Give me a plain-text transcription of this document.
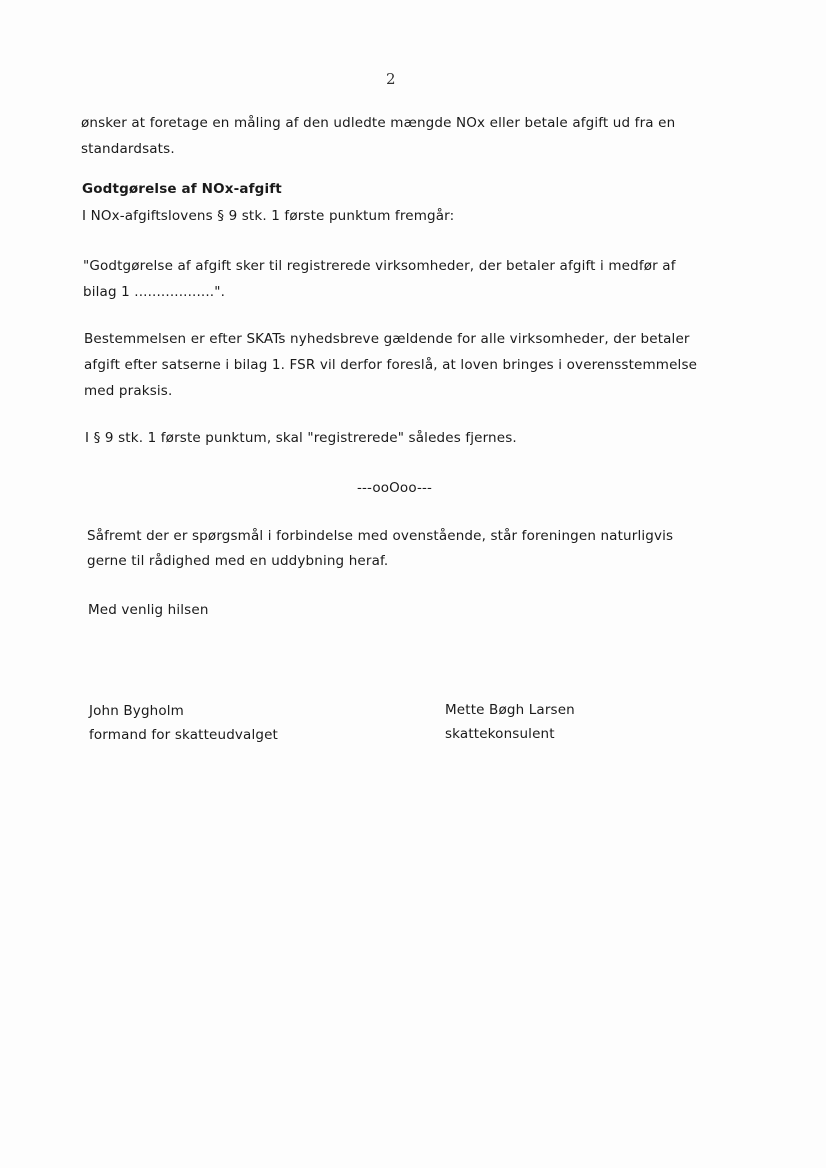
2
ønsker at foretage en måling af den udledte mængde NOx eller betale afgift ud fra en
standardsats.
Godtgørelse af NOx-afgift
I NOx-afgiftslovens § 9 stk. 1 første punktum fremgår:
"Godtgørelse af afgift sker til registrerede virksomheder, der betaler afgift i medfør af
bilag 1 ..................".
Bestemmelsen er efter SKATs nyhedsbreve gældende for alle virksomheder, der betaler
afgift efter satserne i bilag 1. FSR vil derfor foreslå, at loven bringes i overensstemmelse
med praksis.
I § 9 stk. 1 første punktum, skal "registrerede" således fjernes.
---ooOoo---
Såfremt der er spørgsmål i forbindelse med ovenstående, står foreningen naturligvis
gerne til rådighed med en uddybning heraf.
Med venlig hilsen
John Bygholm
formand for skatteudvalget
Mette Bøgh Larsen
skattekonsulent
